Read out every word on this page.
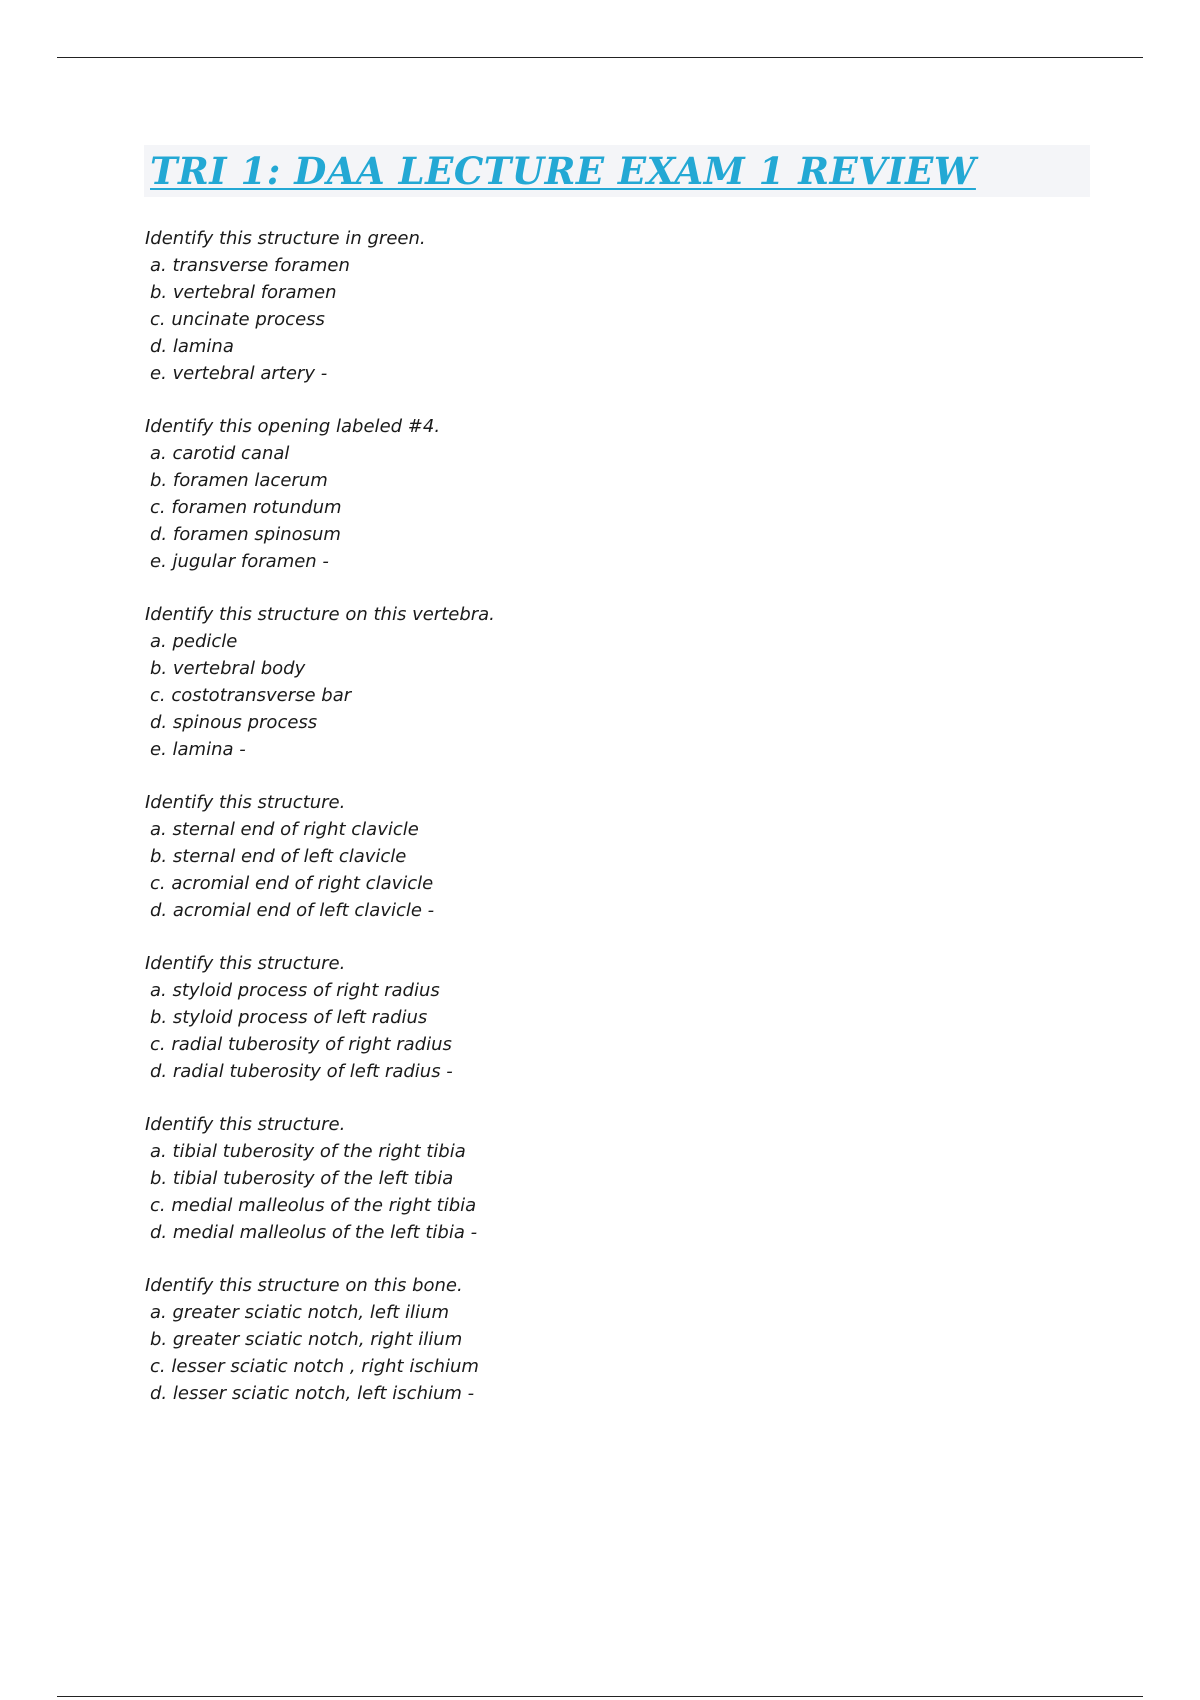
TRI 1: DAA LECTURE EXAM 1 REVIEW
Identify this structure in green.
a. transverse foramen
b. vertebral foramen
c. uncinate process
d. lamina
e. vertebral artery -
Identify this opening labeled #4.
a. carotid canal
b. foramen lacerum
c. foramen rotundum
d. foramen spinosum
e. jugular foramen -
Identify this structure on this vertebra.
a. pedicle
b. vertebral body
c. costotransverse bar
d. spinous process
e. lamina -
Identify this structure.
a. sternal end of right clavicle
b. sternal end of left clavicle
c. acromial end of right clavicle
d. acromial end of left clavicle -
Identify this structure.
a. styloid process of right radius
b. styloid process of left radius
c. radial tuberosity of right radius
d. radial tuberosity of left radius -
Identify this structure.
a. tibial tuberosity of the right tibia
b. tibial tuberosity of the left tibia
c. medial malleolus of the right tibia
d. medial malleolus of the left tibia -
Identify this structure on this bone.
a. greater sciatic notch, left ilium
b. greater sciatic notch, right ilium
c. lesser sciatic notch , right ischium
d. lesser sciatic notch, left ischium -
